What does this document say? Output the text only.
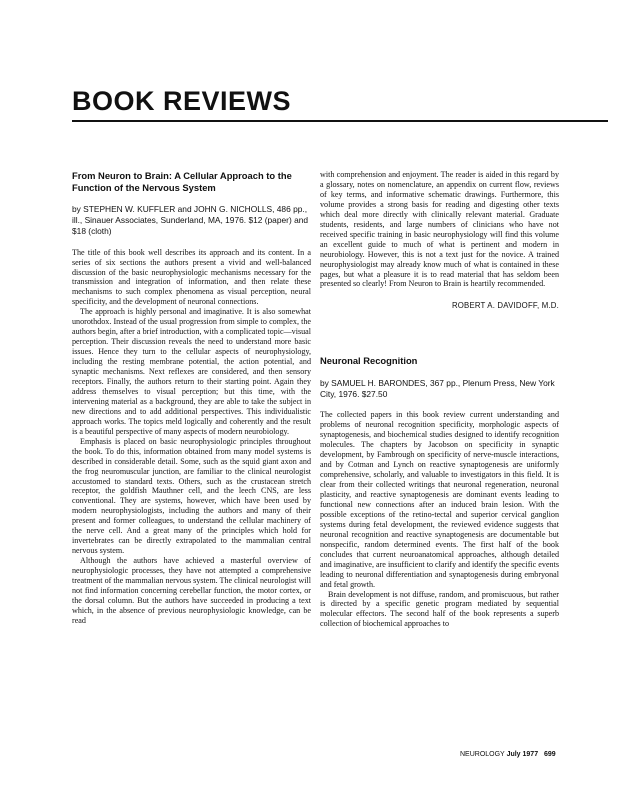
BOOK REVIEWS
From Neuron to Brain: A Cellular Approach to the Function of the Nervous System
by STEPHEN W. KUFFLER and JOHN G. NICHOLLS, 486 pp., ill., Sinauer Associates, Sunderland, MA, 1976. $12 (paper) and $18 (cloth)

The title of this book well describes its approach and its content. In a series of six sections the authors present a vivid and well-balanced discussion of the basic neurophysiologic mechanisms necessary for the transmission and integration of information, and then relate these mechanisms to such complex phenomena as visual perception, neural specificity, and the development of neuronal connections.

The approach is highly personal and imaginative. It is also somewhat unorothdox. Instead of the usual progression from simple to complex, the authors begin, after a brief introduction, with a complicated topic—visual perception. Their discussion reveals the need to understand more basic issues. Hence they turn to the cellular aspects of neurophysiology, including the resting membrane potential, the action potential, and synaptic mechanisms. Next reflexes are considered, and then sensory receptors. Finally, the authors return to their starting point. Again they address themselves to visual perception; but this time, with the intervening material as a background, they are able to take the subject in new directions and to add additional perspectives. This individualistic approach works. The topics meld logically and coherently and the result is a beautiful perspective of many aspects of modern neurobiology.

Emphasis is placed on basic neurophysiologic principles throughout the book. To do this, information obtained from many model systems is described in considerable detail. Some, such as the squid giant axon and the frog neuromuscular junction, are familiar to the clinical neurologist accustomed to standard texts. Others, such as the crustacean stretch receptor, the goldfish Mauthner cell, and the leech CNS, are less conventional. They are systems, however, which have been used by modern neurophysiologists, including the authors and many of their present and former colleagues, to understand the cellular machinery of the nerve cell. And a great many of the principles which hold for invertebrates can be directly extrapolated to the mammalian central nervous system.

Although the authors have achieved a masterful overview of neurophysiologic processes, they have not attempted a comprehensive treatment of the mammalian nervous system. The clinical neurologist will not find information concerning cerebellar function, the motor cortex, or the dorsal column. But the authors have succeeded in producing a text which, in the absence of previous neurophysiologic knowledge, can be read

with comprehension and enjoyment. The reader is aided in this regard by a glossary, notes on nomenclature, an appendix on current flow, reviews of key terms, and informative schematic drawings. Furthermore, this volume provides a strong basis for reading and digesting other texts which deal more directly with clinically relevant material. Graduate students, residents, and large numbers of clinicians who have not received specific training in basic neurophysiology will find this volume an excellent guide to much of what is pertinent and modern in neurobiology. However, this is not a text just for the novice. A trained neurophysiologist may already know much of what is contained in these pages, but what a pleasure it is to read material that has seldom been presented so clearly! From Neuron to Brain is heartily recommended.

ROBERT A. DAVIDOFF, M.D.
Neuronal Recognition
by SAMUEL H. BARONDES, 367 pp., Plenum Press, New York City, 1976. $27.50

The collected papers in this book review current understanding and problems of neuronal recognition specificity, morphologic aspects of synaptogenesis, and biochemical studies designed to identify recognition molecules. The chapters by Jacobson on specificity in synaptic development, by Fambrough on specificity of nerve-muscle interactions, and by Cotman and Lynch on reactive synaptogenesis are uniformly comprehensive, scholarly, and valuable to investigators in this field. It is clear from their collected writings that neuronal regeneration, neuronal plasticity, and reactive synaptogenesis are dominant events leading to functional new connections after an induced brain lesion. With the possible exceptions of the retino-tectal and superior cervical ganglion systems during fetal development, the reviewed evidence suggests that neuronal recognition and reactive synaptogenesis are documentable but nonspecific, random determined events. The first half of the book concludes that current neuroanatomical approaches, although detailed and imaginative, are insufficient to clarify and identify the specific events leading to neuronal differentiation and synaptogenesis during embryonal and fetal growth.

Brain development is not diffuse, random, and promiscuous, but rather is directed by a specific genetic program mediated by sequential molecular effectors. The second half of the book represents a superb collection of biochemical approaches to

NEUROLOGY July 1977 699
